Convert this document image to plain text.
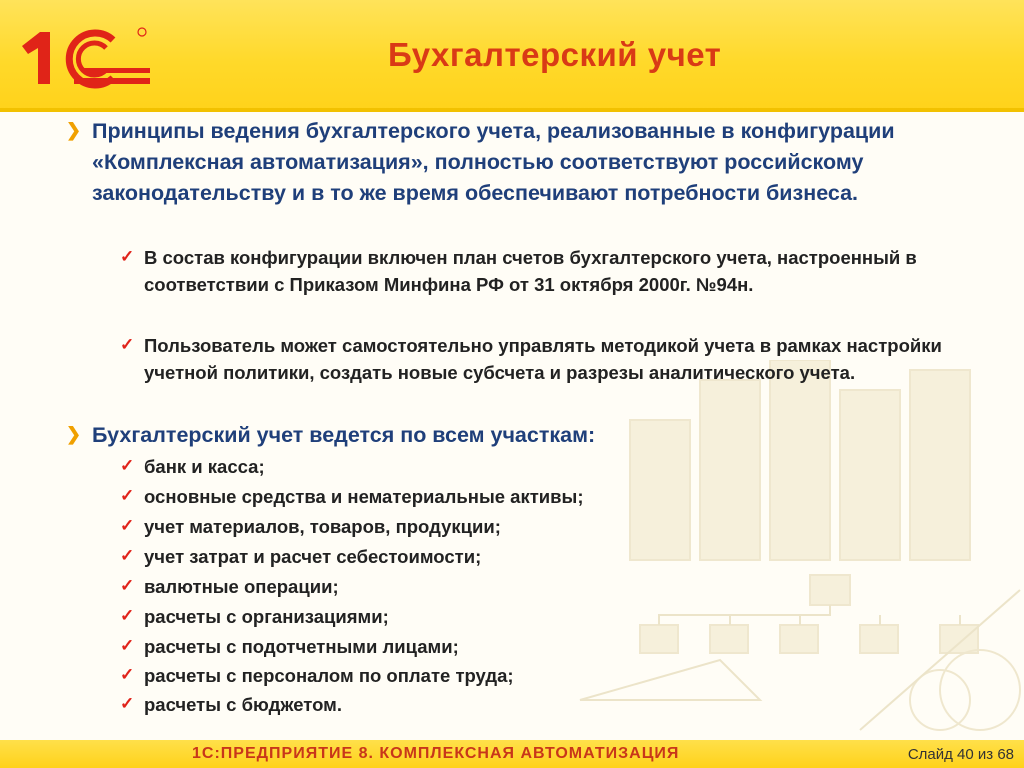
Бухгалтерский учет
❯ Принципы ведения бухгалтерского учета, реализованные в конфигурации «Комплексная автоматизация», полностью соответствуют российскому законодательству и в то же время обеспечивают потребности бизнеса.
✓ В состав конфигурации включен план счетов бухгалтерского учета, настроенный в соответствии с Приказом Минфина РФ от 31 октября 2000г. №94н.
✓ Пользователь может самостоятельно управлять методикой учета в рамках настройки учетной политики, создать новые субсчета и разрезы аналитического учета.
❯ Бухгалтерский учет ведется по всем участкам:
✓ банк и касса;
✓ основные средства и нематериальные активы;
✓ учет материалов, товаров, продукции;
✓ учет затрат и расчет себестоимости;
✓ валютные операции;
✓ расчеты с организациями;
✓ расчеты с подотчетными лицами;
✓ расчеты с персоналом по оплате труда;
✓ расчеты с бюджетом.
1С:ПРЕДПРИЯТИЕ 8. КОМПЛЕКСНАЯ АВТОМАТИЗАЦИЯ	Слайд 40 из 68
